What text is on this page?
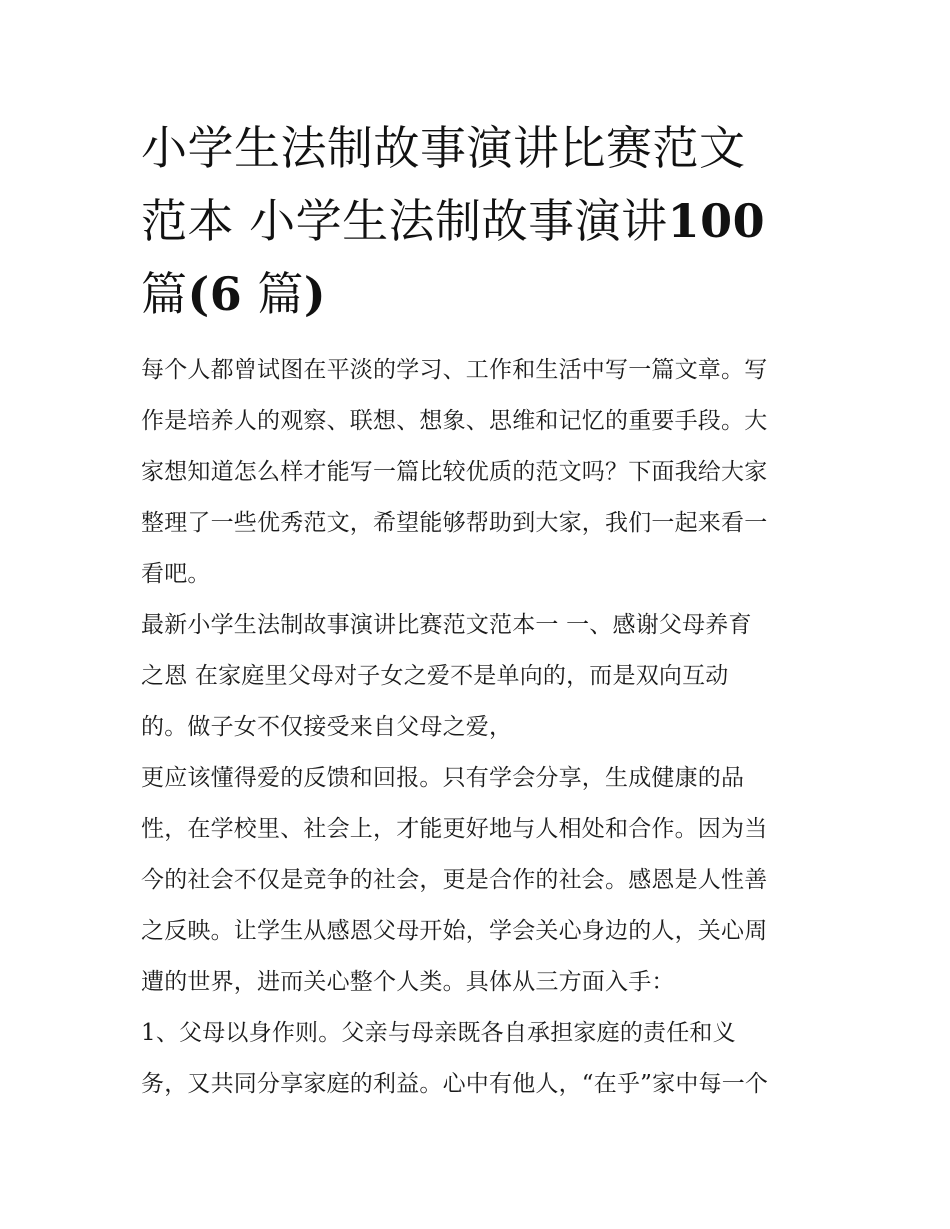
小学生法制故事演讲比赛范文
范本 小学生法制故事演讲100
篇(6 篇)

每个人都曾试图在平淡的学习、工作和生活中写一篇文章。写
作是培养人的观察、联想、想象、思维和记忆的重要手段。大
家想知道怎么样才能写一篇比较优质的范文吗？下面我给大家
整理了一些优秀范文，希望能够帮助到大家，我们一起来看一
看吧。

最新小学生法制故事演讲比赛范文范本一 一、感谢父母养育
之恩 在家庭里父母对子女之爱不是单向的，而是双向互动
的。做子女不仅接受来自父母之爱，

更应该懂得爱的反馈和回报。只有学会分享，生成健康的品
性，在学校里、社会上，才能更好地与人相处和合作。因为当
今的社会不仅是竞争的社会，更是合作的社会。感恩是人性善
之反映。让学生从感恩父母开始，学会关心身边的人，关心周
遭的世界，进而关心整个人类。具体从三方面入手：

1、父母以身作则。父亲与母亲既各自承担家庭的责任和义
务，又共同分享家庭的利益。心中有他人，“在乎”家中每一个
